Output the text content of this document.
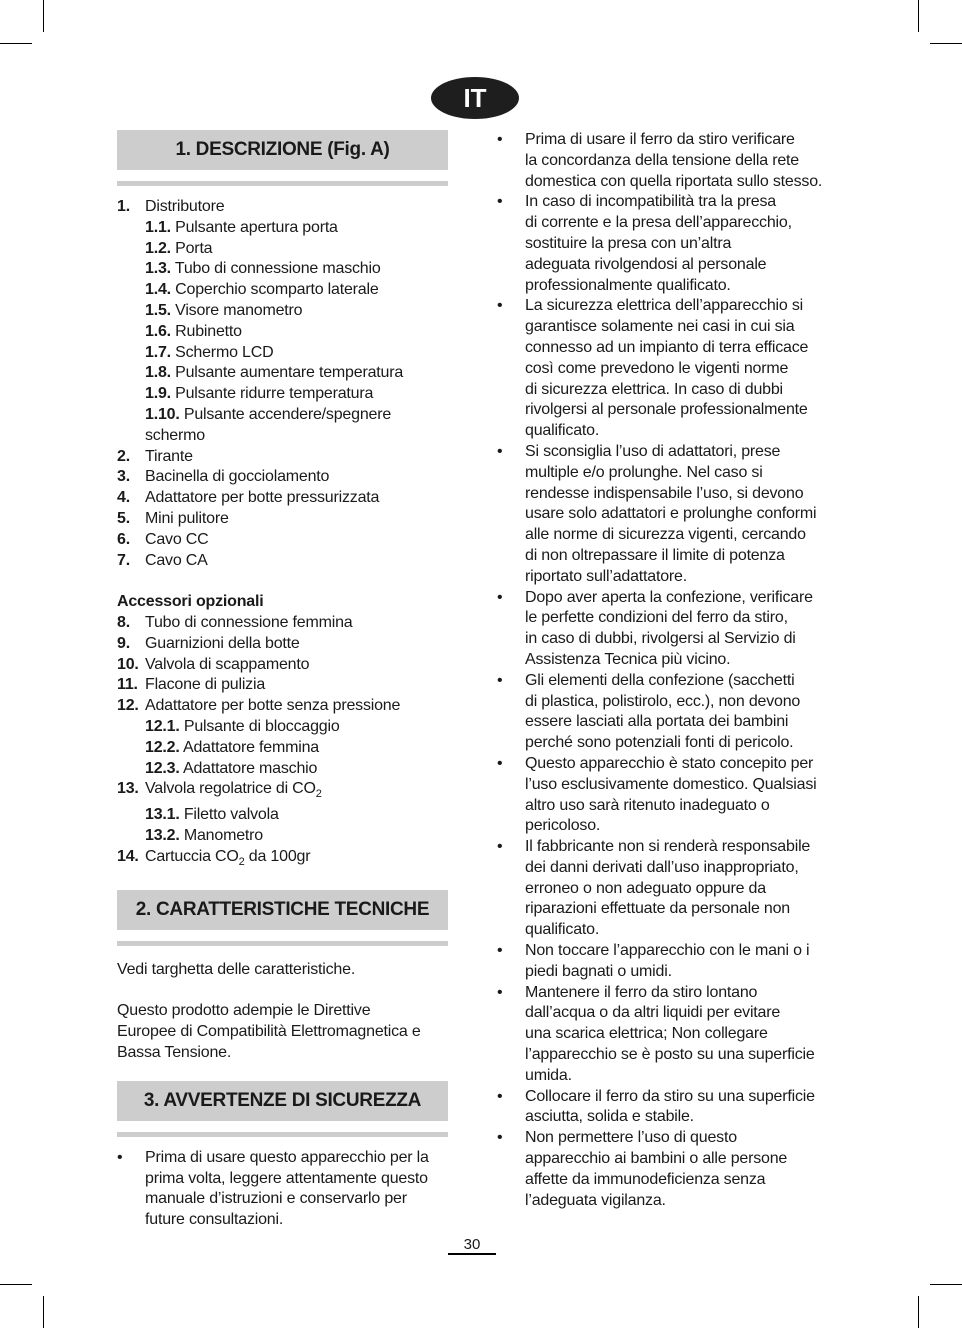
IT
1. DESCRIZIONE (Fig. A)
1. Distributore
1.1. Pulsante apertura porta
1.2. Porta
1.3. Tubo di connessione maschio
1.4. Coperchio scomparto laterale
1.5. Visore manometro
1.6. Rubinetto
1.7. Schermo LCD
1.8. Pulsante aumentare temperatura
1.9. Pulsante ridurre temperatura
1.10. Pulsante accendere/spegnere
schermo
2. Tirante
3. Bacinella di gocciolamento
4. Adattatore per botte pressurizzata
5. Mini pulitore
6. Cavo CC
7. Cavo CA
Accessori opzionali
8. Tubo di connessione femmina
9. Guarnizioni della botte
10. Valvola di scappamento
11. Flacone di pulizia
12. Adattatore per botte senza pressione
12.1. Pulsante di bloccaggio
12.2. Adattatore femmina
12.3. Adattatore maschio
13. Valvola regolatrice di $CO_2$
13.1. Filetto valvola
13.2. Manometro
14. Cartuccia $CO_2$ da 100gr
2. CARATTERISTICHE TECNICHE
Vedi targhetta delle caratteristiche.
Questo prodotto adempie le Direttive
Europee di Compatibilità Elettromagnetica e
Bassa Tensione.
3. AVVERTENZE DI SICUREZZA
• Prima di usare questo apparecchio per la
prima volta, leggere attentamente questo
manuale d’istruzioni e conservarlo per
future consultazioni.
• Prima di usare il ferro da stiro verificare
la concordanza della tensione della rete
domestica con quella riportata sullo stesso.
• In caso di incompatibilità tra la presa
di corrente e la presa dell’apparecchio,
sostituire la presa con un’altra
adeguata rivolgendosi al personale
professionalmente qualificato.
• La sicurezza elettrica dell’apparecchio si
garantisce solamente nei casi in cui sia
connesso ad un impianto di terra efficace
così come prevedono le vigenti norme
di sicurezza elettrica. In caso di dubbi
rivolgersi al personale professionalmente
qualificato.
• Si sconsiglia l’uso di adattatori, prese
multiple e/o prolunghe. Nel caso si
rendesse indispensabile l’uso, si devono
usare solo adattatori e prolunghe conformi
alle norme di sicurezza vigenti, cercando
di non oltrepassare il limite di potenza
riportato sull’adattatore.
• Dopo aver aperta la confezione, verificare
le perfette condizioni del ferro da stiro,
in caso di dubbi, rivolgersi al Servizio di
Assistenza Tecnica più vicino.
• Gli elementi della confezione (sacchetti
di plastica, polistirolo, ecc.), non devono
essere lasciati alla portata dei bambini
perché sono potenziali fonti di pericolo.
• Questo apparecchio è stato concepito per
l’uso esclusivamente domestico. Qualsiasi
altro uso sarà ritenuto inadeguato o
pericoloso.
• Il fabbricante non si renderà responsabile
dei danni derivati dall’uso inappropriato,
erroneo o non adeguato oppure da
riparazioni effettuate da personale non
qualificato.
• Non toccare l’apparecchio con le mani o i
piedi bagnati o umidi.
• Mantenere il ferro da stiro lontano
dall’acqua o da altri liquidi per evitare
una scarica elettrica; Non collegare
l’apparecchio se è posto su una superficie
umida.
• Collocare il ferro da stiro su una superficie
asciutta, solida e stabile.
• Non permettere l’uso di questo
apparecchio ai bambini o alle persone
affette da immunodeficienza senza
l’adeguata vigilanza.
30
